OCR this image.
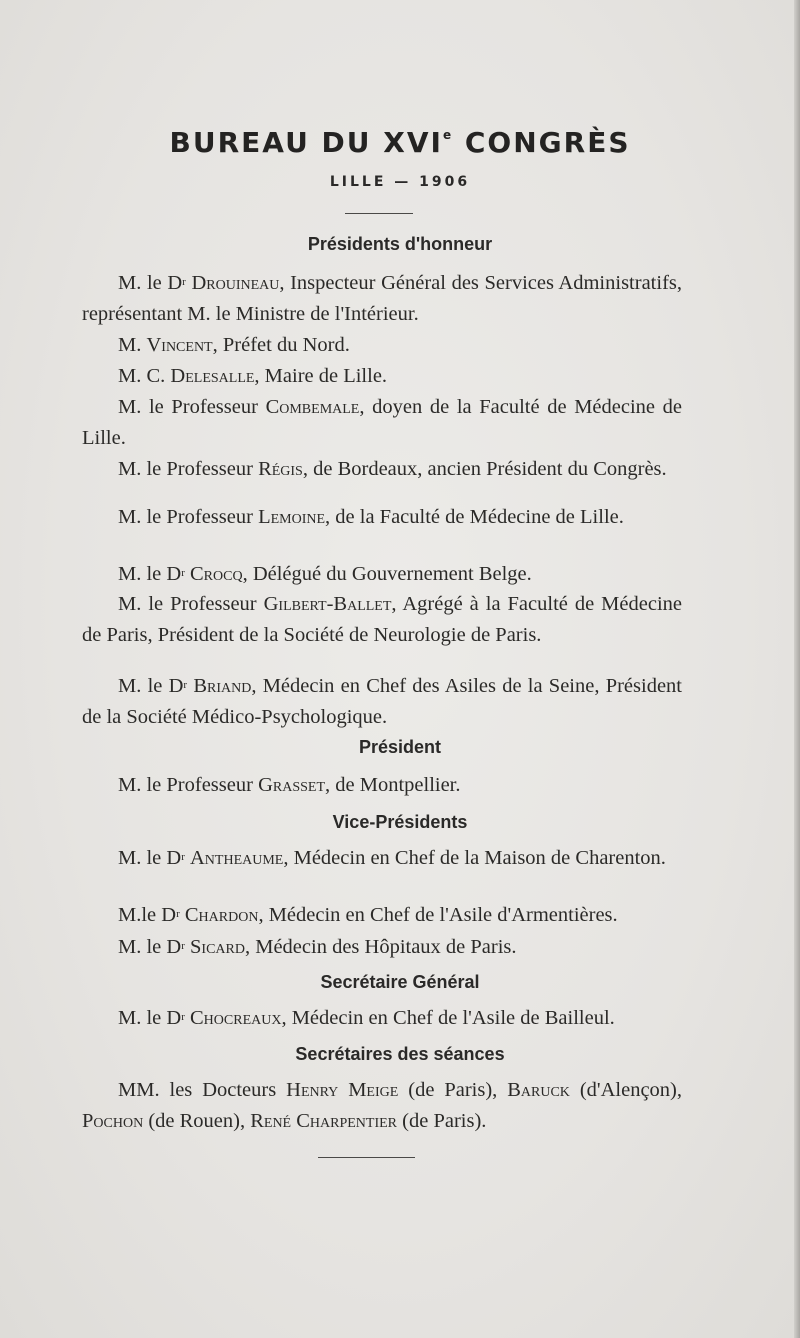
BUREAU DU XVIe CONGRÈS
LILLE — 1906
Présidents d'honneur
M. le $D^r$ Drouineau, Inspecteur Général des Services Administratifs, représentant M. le Ministre de l'Intérieur.
M. Vincent, Préfet du Nord.
M. C. Delesalle, Maire de Lille.
M. le Professeur Combemale, doyen de la Faculté de Médecine de Lille.
M. le Professeur Régis, de Bordeaux, ancien Président du Congrès.
M. le Professeur Lemoine, de la Faculté de Médecine de Lille.
M. le $D^r$ Crocq, Délégué du Gouvernement Belge.
M. le Professeur Gilbert-Ballet, Agrégé à la Faculté de Médecine de Paris, Président de la Société de Neurologie de Paris.
M. le $D^r$ Briand, Médecin en Chef des Asiles de la Seine, Président de la Société Médico-Psychologique.
Président
M. le Professeur Grasset, de Montpellier.
Vice-Présidents
M. le $D^r$ Antheaume, Médecin en Chef de la Maison de Charenton.
M.le $D^r$ Chardon, Médecin en Chef de l'Asile d'Armentières.
M. le $D^r$ Sicard, Médecin des Hôpitaux de Paris.
Secrétaire Général
M. le $D^r$ Chocreaux, Médecin en Chef de l'Asile de Bailleul.
Secrétaires des séances
MM. les Docteurs Henry Meige (de Paris), Baruck (d'Alençon), Pochon (de Rouen), René Charpentier (de Paris).
